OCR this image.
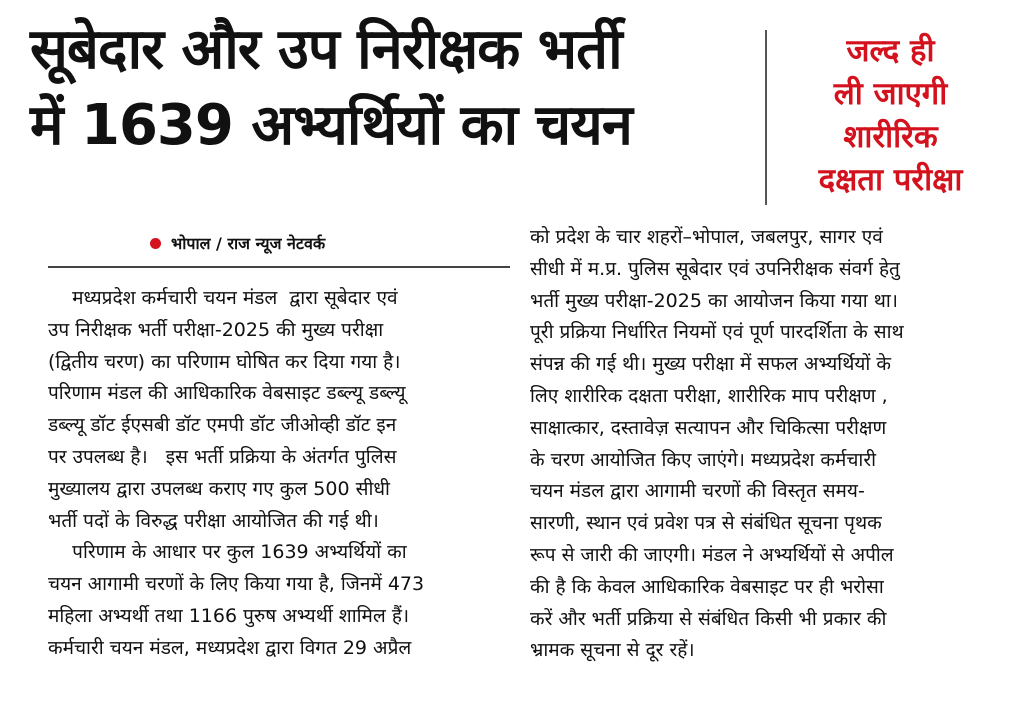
सूबेदार और उप निरीक्षक भर्ती
में 1639 अभ्यर्थियों का चयन
जल्द ही
ली जाएगी
शारीरिक
दक्षता परीक्षा
भोपाल / राज न्यूज नेटवर्क
मध्यप्रदेश कर्मचारी चयन मंडल  द्वारा सूबेदार एवं
उप निरीक्षक भर्ती परीक्षा-2025 की मुख्य परीक्षा
(द्वितीय चरण) का परिणाम घोषित कर दिया गया है।
परिणाम मंडल की आधिकारिक वेबसाइट डब्ल्यू डब्ल्यू
डब्ल्यू डॉट ईएसबी डॉट एमपी डॉट जीओव्ही डॉट इन
पर उपलब्ध है।   इस भर्ती प्रक्रिया के अंतर्गत पुलिस
मुख्यालय द्वारा उपलब्ध कराए गए कुल 500 सीधी
भर्ती पदों के विरुद्ध परीक्षा आयोजित की गई थी।
परिणाम के आधार पर कुल 1639 अभ्यर्थियों का
चयन आगामी चरणों के लिए किया गया है, जिनमें 473
महिला अभ्यर्थी तथा 1166 पुरुष अभ्यर्थी शामिल हैं।
कर्मचारी चयन मंडल, मध्यप्रदेश द्वारा विगत 29 अप्रैल
को प्रदेश के चार शहरों–भोपाल, जबलपुर, सागर एवं
सीधी में म.प्र. पुलिस सूबेदार एवं उपनिरीक्षक संवर्ग हेतु
भर्ती मुख्य परीक्षा-2025 का आयोजन किया गया था।
पूरी प्रक्रिया निर्धारित नियमों एवं पूर्ण पारदर्शिता के साथ
संपन्न की गई थी। मुख्य परीक्षा में सफल अभ्यर्थियों के
लिए शारीरिक दक्षता परीक्षा, शारीरिक माप परीक्षण ,
साक्षात्कार, दस्तावेज़ सत्यापन और चिकित्सा परीक्षण
के चरण आयोजित किए जाएंगे। मध्यप्रदेश कर्मचारी
चयन मंडल द्वारा आगामी चरणों की विस्तृत समय-
सारणी, स्थान एवं प्रवेश पत्र से संबंधित सूचना पृथक
रूप से जारी की जाएगी। मंडल ने अभ्यर्थियों से अपील
की है कि केवल आधिकारिक वेबसाइट पर ही भरोसा
करें और भर्ती प्रक्रिया से संबंधित किसी भी प्रकार की
भ्रामक सूचना से दूर रहें।
